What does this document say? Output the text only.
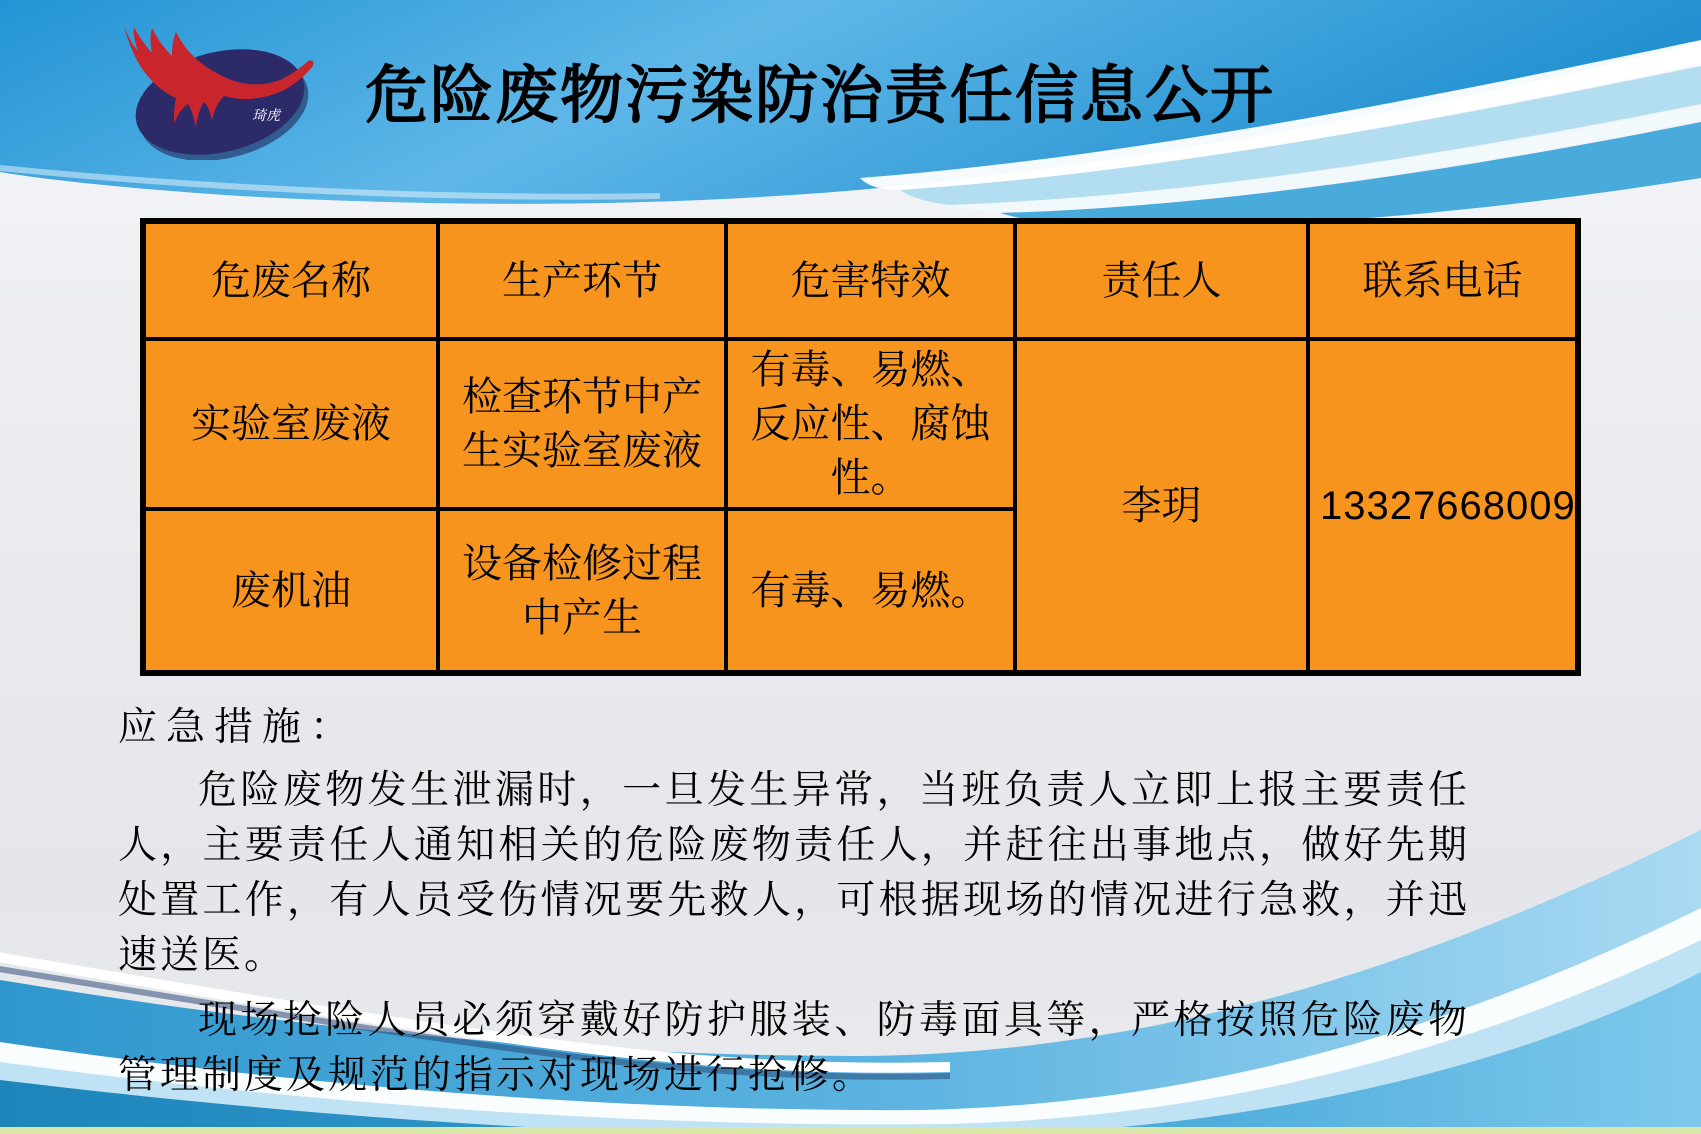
琦虎	危险废物污染防治责任信息公开
危废名称	生产环节	危害特效	责任人	联系电话
实验室废液	检查环节中产生实验室废液	有毒、易燃、反应性、腐蚀性。	李玥	13327668009
废机油	设备检修过程中产生	有毒、易燃。		
应急措施：

危险废物发生泄漏时，一旦发生异常，当班负责人立即上报主要责任人，主要责任人通知相关的危险废物责任人，并赶往出事地点，做好先期处置工作，有人员受伤情况要先救人，可根据现场的情况进行急救，并迅速送医。

现场抢险人员必须穿戴好防护服装、防毒面具等，严格按照危险废物管理制度及规范的指示对现场进行抢修。
